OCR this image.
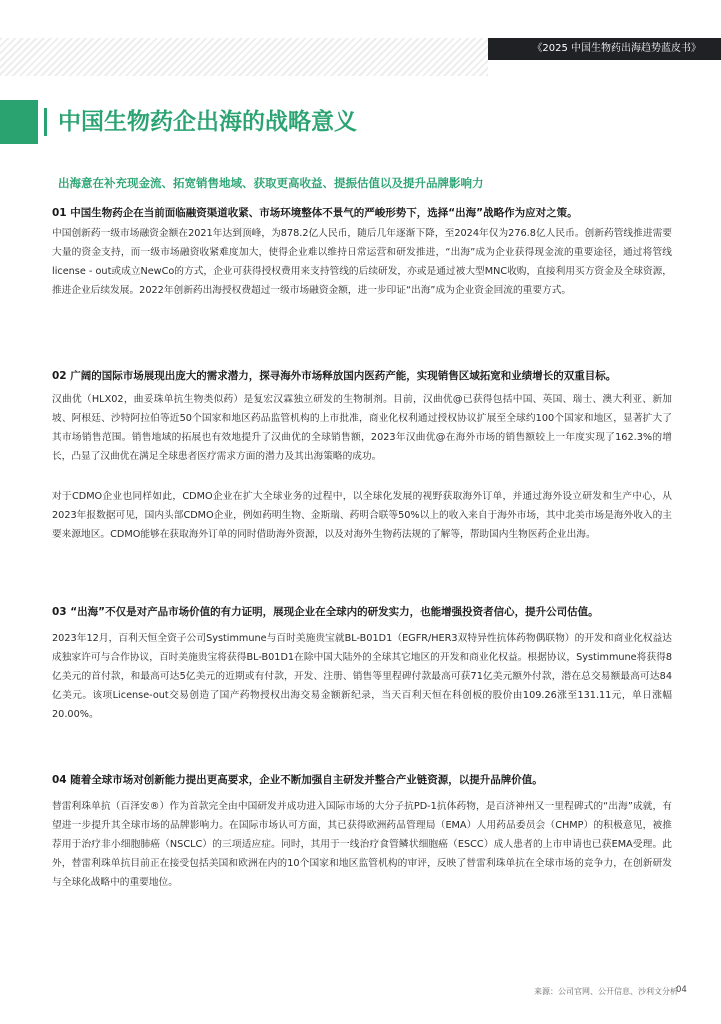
《2025 中国生物药出海趋势蓝皮书》
中国生物药企出海的战略意义
出海意在补充现金流、拓宽销售地域、获取更高收益、提振估值以及提升品牌影响力
01 中国生物药企在当前面临融资渠道收紧、市场环境整体不景气的严峻形势下，选择“出海”战略作为应对之策。

中国创新药一级市场融资金额在2021年达到顶峰，为878.2亿人民币，随后几年逐渐下降，至2024年仅为276.8亿人民币。创新药管线推进需要大量的资金支持，而一级市场融资收紧难度加大，使得企业难以维持日常运营和研发推进，“出海”成为企业获得现金流的重要途径，通过将管线license - out或成立NewCo的方式，企业可获得授权费用来支持管线的后续研发，亦或是通过被大型MNC收购，直接利用买方资金及全球资源，推进企业后续发展。2022年创新药出海授权费超过一级市场融资金额，进一步印证“出海”成为企业资金回流的重要方式。

02 广阔的国际市场展现出庞大的需求潜力，探寻海外市场释放国内医药产能，实现销售区域拓宽和业绩增长的双重目标。

汉曲优（HLX02，曲妥珠单抗生物类似药）是复宏汉霖独立研发的生物制剂。目前，汉曲优@已获得包括中国、英国、瑞士、澳大利亚、新加坡、阿根廷、沙特阿拉伯等近50个国家和地区药品监管机构的上市批准，商业化权利通过授权协议扩展至全球约100个国家和地区，显著扩大了其市场销售范围。销售地域的拓展也有效地提升了汉曲优的全球销售额，2023年汉曲优@在海外市场的销售额较上一年度实现了162.3%的增长，凸显了汉曲优在满足全球患者医疗需求方面的潜力及其出海策略的成功。

对于CDMO企业也同样如此，CDMO企业在扩大全球业务的过程中，以全球化发展的视野获取海外订单，并通过海外设立研发和生产中心，从2023年报数据可见，国内头部CDMO企业，例如药明生物、金斯瑞、药明合联等50%以上的收入来自于海外市场，其中北美市场是海外收入的主要来源地区。CDMO能够在获取海外订单的同时借助海外资源，以及对海外生物药法规的了解等，帮助国内生物医药企业出海。

03 “出海”不仅是对产品市场价值的有力证明，展现企业在全球内的研发实力，也能增强投资者信心，提升公司估值。

2023年12月，百利天恒全资子公司Systimmune与百时美施贵宝就BL-B01D1（EGFR/HER3双特异性抗体药物偶联物）的开发和商业化权益达成独家许可与合作协议，百时美施贵宝将获得BL-B01D1在除中国大陆外的全球其它地区的开发和商业化权益。根据协议，Systimmune将获得8亿美元的首付款，和最高可达5亿美元的近期或有付款，开发、注册、销售等里程碑付款最高可获71亿美元额外付款，潜在总交易额最高可达84亿美元。该项License-out交易创造了国产药物授权出海交易金额新纪录，当天百利天恒在科创板的股价由109.26涨至131.11元，单日涨幅20.00%。

04 随着全球市场对创新能力提出更高要求，企业不断加强自主研发并整合产业链资源，以提升品牌价值。

替雷利珠单抗（百泽安®）作为首款完全由中国研发并成功进入国际市场的大分子抗PD-1抗体药物，是百济神州又一里程碑式的“出海”成就，有望进一步提升其全球市场的品牌影响力。在国际市场认可方面，其已获得欧洲药品管理局（EMA）人用药品委员会（CHMP）的积极意见，被推荐用于治疗非小细胞肺癌（NSCLC）的三项适应症。同时，其用于一线治疗食管鳞状细胞癌（ESCC）成人患者的上市申请也已获EMA受理。此外，替雷利珠单抗目前正在接受包括美国和欧洲在内的10个国家和地区监管机构的审评，反映了替雷利珠单抗在全球市场的竞争力，在创新研发与全球化战略中的重要地位。

来源：公司官网、公开信息、沙利文分析
04
